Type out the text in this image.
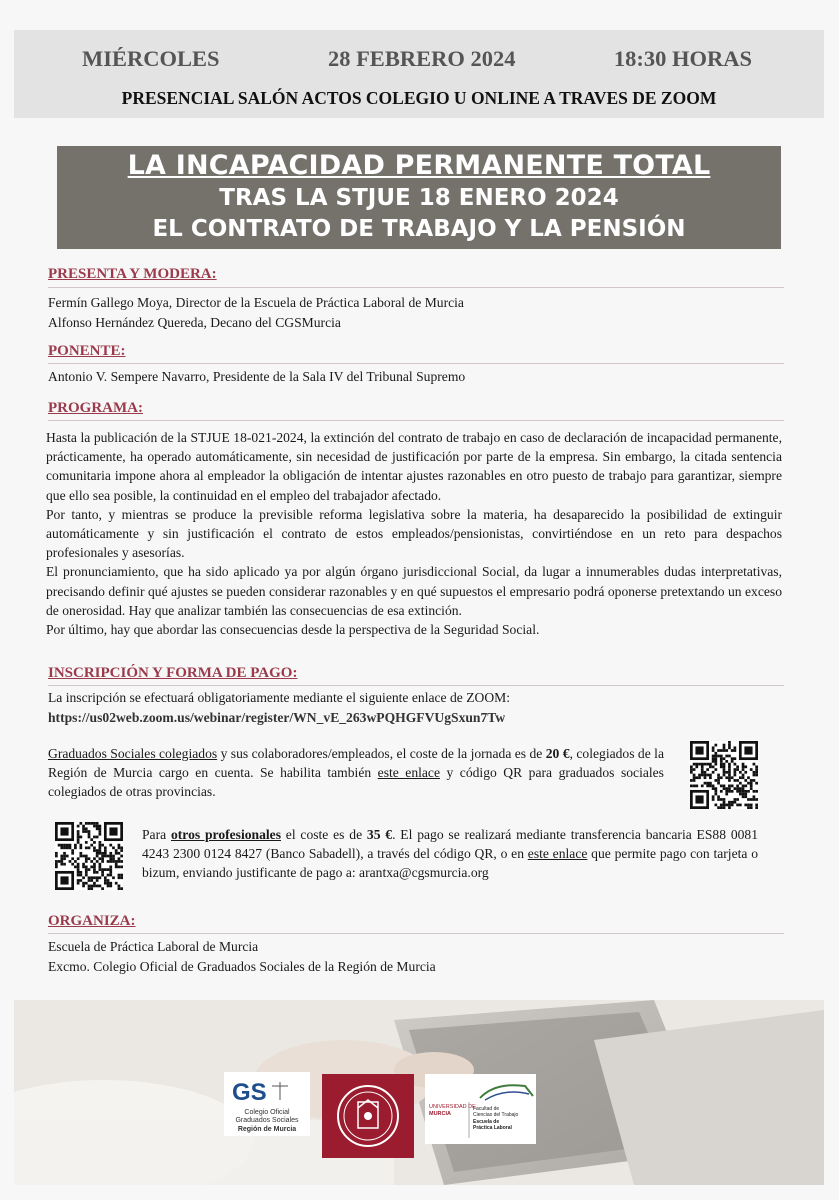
MIÉRCOLES	28 FEBRERO 2024	18:30 HORAS
PRESENCIAL SALÓN ACTOS COLEGIO U ONLINE A TRAVES DE ZOOM
LA INCAPACIDAD PERMANENTE TOTAL
TRAS LA STJUE 18 ENERO 2024
EL CONTRATO DE TRABAJO Y LA PENSIÓN
PRESENTA Y MODERA:
Fermín Gallego Moya, Director de la Escuela de Práctica Laboral de Murcia
Alfonso Hernández Quereda, Decano del CGSMurcia
PONENTE:
Antonio V. Sempere Navarro, Presidente de la Sala IV del Tribunal Supremo
PROGRAMA:

Hasta la publicación de la STJUE 18-021-2024, la extinción del contrato de trabajo en caso de declaración de incapacidad permanente, prácticamente, ha operado automáticamente, sin necesidad de justificación por parte de la empresa. Sin embargo, la citada sentencia comunitaria impone ahora al empleador la obligación de intentar ajustes razonables en otro puesto de trabajo para garantizar, siempre que ello sea posible, la continuidad en el empleo del trabajador afectado.

Por tanto, y mientras se produce la previsible reforma legislativa sobre la materia, ha desaparecido la posibilidad de extinguir automáticamente y sin justificación el contrato de estos empleados/pensionistas, convirtiéndose en un reto para despachos profesionales y asesorías.

El pronunciamiento, que ha sido aplicado ya por algún órgano jurisdiccional Social, da lugar a innumerables dudas interpretativas, precisando definir qué ajustes se pueden considerar razonables y en qué supuestos el empresario podrá oponerse pretextando un exceso de onerosidad. Hay que analizar también las consecuencias de esa extinción.

Por último, hay que abordar las consecuencias desde la perspectiva de la Seguridad Social.

INSCRIPCIÓN Y FORMA DE PAGO:
La inscripción se efectuará obligatoriamente mediante el siguiente enlace de ZOOM:
https://us02web.zoom.us/webinar/register/WN_vE_263wPQHGFVUgSxun7Tw
Graduados Sociales colegiados y sus colaboradores/empleados, el coste de la jornada es de 20 €, colegiados de la Región de Murcia cargo en cuenta. Se habilita también este enlace y código QR para graduados sociales colegiados de otras provincias.
Para otros profesionales el coste es de 35 €. El pago se realizará mediante transferencia bancaria ES88 0081 4243 2300 0124 8427 (Banco Sabadell), a través del código QR, o en este enlace que permite pago con tarjeta o bizum, enviando justificante de pago a: arantxa@cgsmurcia.org
ORGANIZA:
Escuela de Práctica Laboral de Murcia
Excmo. Colegio Oficial de Graduados Sociales de la Región de Murcia
GS
Colegio Oficial
Graduados Sociales
Región de Murcia
UNIVERSIDAD DE
MURCIA
Facultad de
Ciencias del Trabajo
Escuela de
Práctica Laboral
